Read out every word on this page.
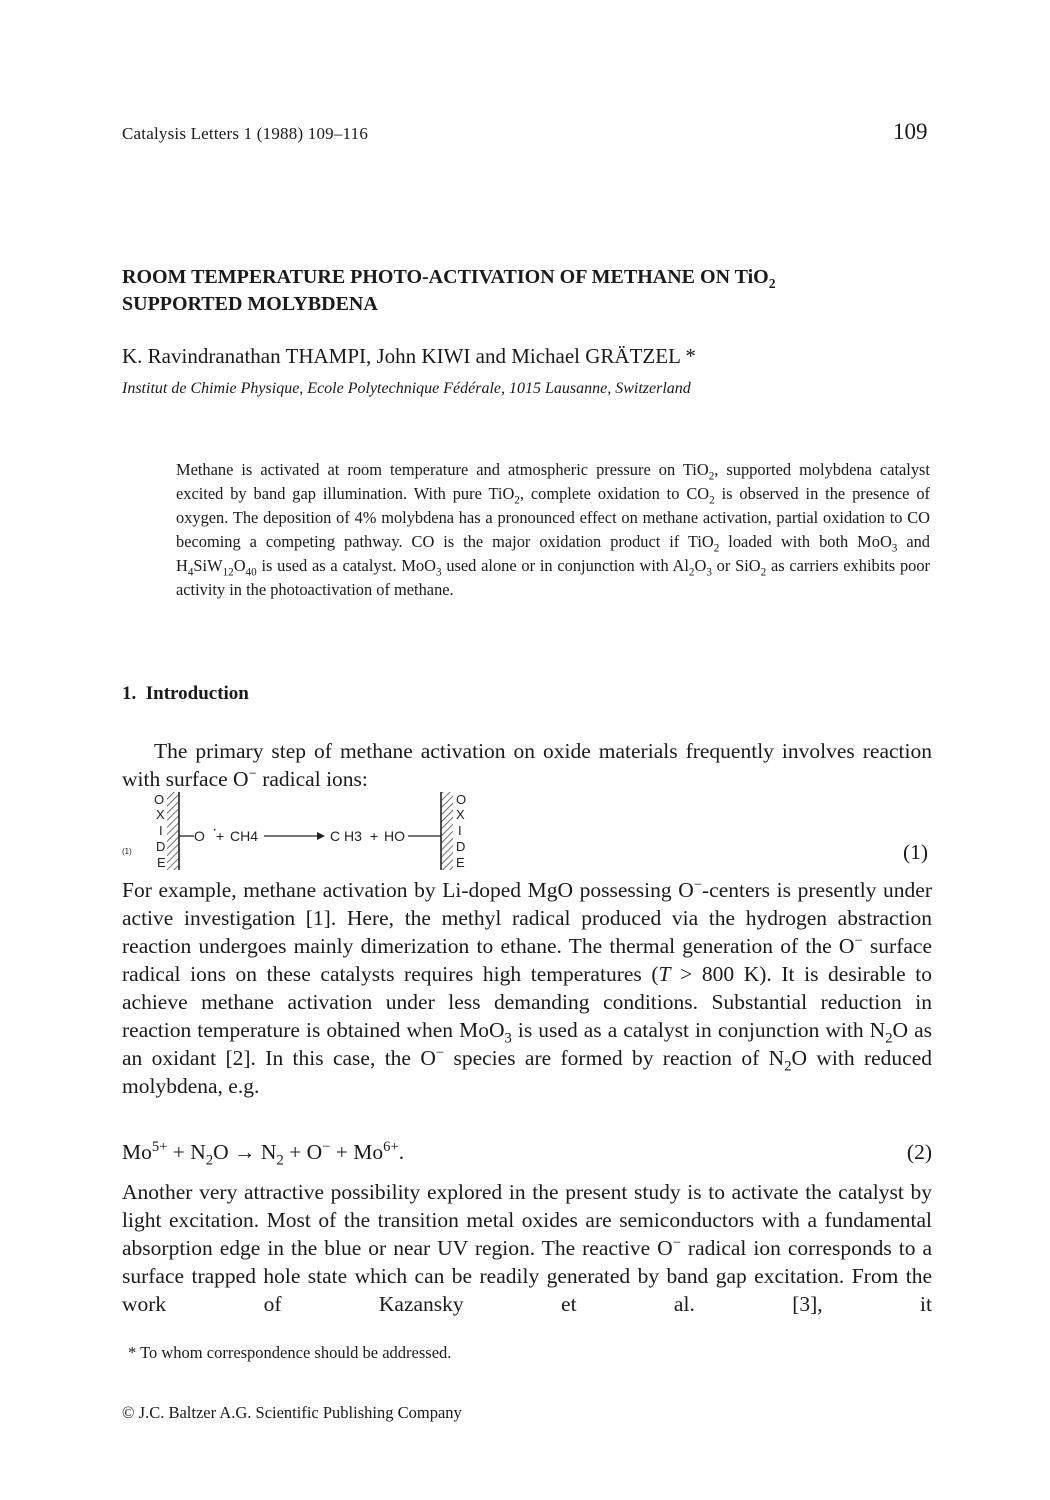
Catalysis Letters 1 (1988) 109–116	109
ROOM TEMPERATURE PHOTO-ACTIVATION OF METHANE ON TiO$_2$
SUPPORTED MOLYBDENA
K. Ravindranathan THAMPI, John KIWI and Michael GRÄTZEL *
Institut de Chimie Physique, Ecole Polytechnique Fédérale, 1015 Lausanne, Switzerland

Methane is activated at room temperature and atmospheric pressure on TiO$_2$, supported molybdena catalyst excited by band gap illumination. With pure TiO$_2$, complete oxidation to $CO_2$ is observed in the presence of oxygen. The deposition of 4% molybdena has a pronounced effect on methane activation, partial oxidation to CO becoming a competing pathway. CO is the major oxidation product if TiO$_2$ loaded with both MoO$_3$ and $H_4SiW_{12}O_{40}$ is used as a catalyst. MoO$_3$ used alone or in conjunction with $Al_2O_3$ or SiO$_2$ as carriers exhibits poor activity in the photoactivation of methane.

1. Introduction

The primary step of methane activation on oxide materials frequently involves reaction with surface O− radical ions:

(1)
O
X
I
D
E
O ·
+ CH4	C H3 + HO
O
X
I
D
E	(1)

For example, methane activation by Li-doped MgO possessing O−-centers is presently under active investigation [1]. Here, the methyl radical produced via the hydrogen abstraction reaction undergoes mainly dimerization to ethane. The thermal generation of the O− surface radical ions on these catalysts requires high temperatures (T > 800 K). It is desirable to achieve methane activation under less demanding conditions. Substantial reduction in reaction temperature is obtained when MoO$_3$ is used as a catalyst in conjunction with $N_2O$ as an oxidant [2]. In this case, the O− species are formed by reaction of $N_2O$ with reduced molybdena, e.g.

$Mo^{5+} + N_2O \to N_2 + O^- + Mo^{6+}$.	(2)

Another very attractive possibility explored in the present study is to activate the catalyst by light excitation. Most of the transition metal oxides are semiconductors with a fundamental absorption edge in the blue or near UV region. The reactive O− radical ion corresponds to a surface trapped hole state which can be readily generated by band gap excitation. From the work of Kazansky et al. [3], it

* To whom correspondence should be addressed.
© J.C. Baltzer A.G. Scientific Publishing Company
